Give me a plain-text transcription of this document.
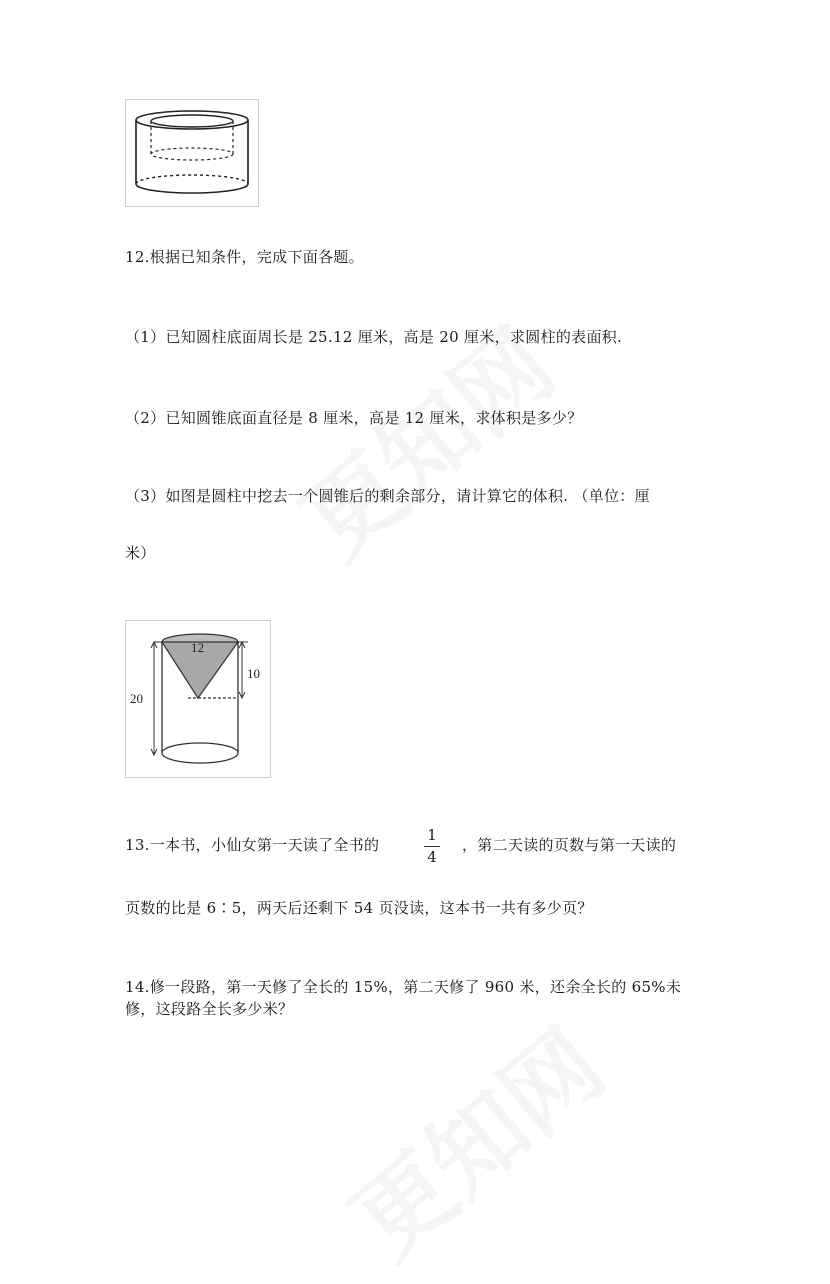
12.根据已知条件，完成下面各题。
（1）已知圆柱底面周长是 25.12 厘米，高是 20 厘米，求圆柱的表面积.
（2）已知圆锥底面直径是 8 厘米，高是 12 厘米，求体积是多少？
（3）如图是圆柱中挖去一个圆锥后的剩余部分，请计算它的体积. （单位：厘
米）
12
10
20
13.一本书，小仙女第一天读了全书的
1
4
，第二天读的页数与第一天读的
页数的比是 6∶5，两天后还剩下 54 页没读，这本书一共有多少页？
14.修一段路，第一天修了全长的 15%，第二天修了 960 米，还余全长的 65%未
修，这段路全长多少米？
